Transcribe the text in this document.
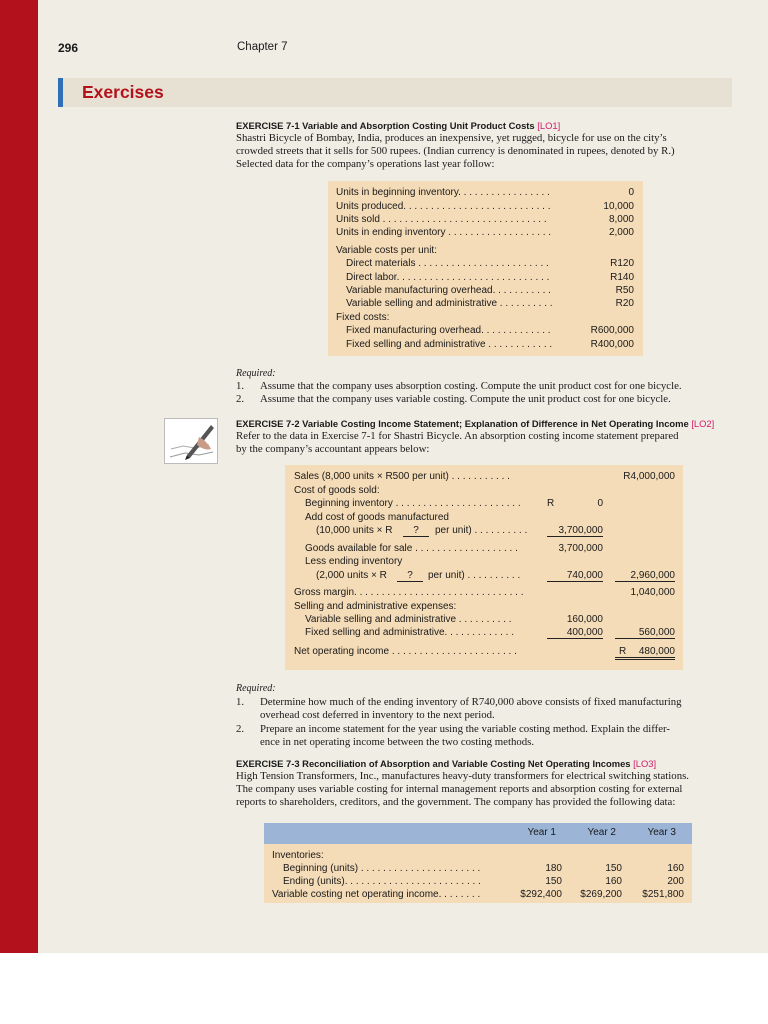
296	Chapter 7
Exercises
EXERCISE 7-1 Variable and Absorption Costing Unit Product Costs [LO1]

Shastri Bicycle of Bombay, India, produces an inexpensive, yet rugged, bicycle for use on the city’s

crowded streets that it sells for 500 rupees. (Indian currency is denominated in rupees, denoted by R.)

Selected data for the company’s operations last year follow:

Units in beginning inventory. . . . . . . . . . . . . . . . .	0
Units produced. . . . . . . . . . . . . . . . . . . . . . . . . . .	10,000
Units sold . . . . . . . . . . . . . . . . . . . . . . . . . . . . . .	8,000
Units in ending inventory . . . . . . . . . . . . . . . . . . .	2,000
Variable costs per unit:
Direct materials . . . . . . . . . . . . . . . . . . . . . . . .	R120
Direct labor. . . . . . . . . . . . . . . . . . . . . . . . . . . .	R140
Variable manufacturing overhead. . . . . . . . . . .	R50
Variable selling and administrative . . . . . . . . . .	R20
Fixed costs:
Fixed manufacturing overhead. . . . . . . . . . . . .	R600,000
Fixed selling and administrative . . . . . . . . . . . .	R400,000
Required:
1. Assume that the company uses absorption costing. Compute the unit product cost for one bicycle.
2. Assume that the company uses variable costing. Compute the unit product cost for one bicycle.
EXERCISE 7-2 Variable Costing Income Statement; Explanation of Difference in Net Operating Income [LO2]

Refer to the data in Exercise 7-1 for Shastri Bicycle. An absorption costing income statement prepared

by the company’s accountant appears below:

Sales (8,000 units × R500 per unit) . . . . . . . . . . .	R4,000,000
Cost of goods sold:
Beginning inventory . . . . . . . . . . . . . . . . . . . . . . .	R	0
Add cost of goods manufactured
(10,000 units × R	?	per unit) . . . . . . . . . .	3,700,000
Goods available for sale . . . . . . . . . . . . . . . . . . .	3,700,000
Less ending inventory
(2,000 units × R	?	per unit) . . . . . . . . . .	740,000	2,960,000
Gross margin. . . . . . . . . . . . . . . . . . . . . . . . . . . . . . .	1,040,000
Selling and administrative expenses:
Variable selling and administrative . . . . . . . . . .	160,000
Fixed selling and administrative. . . . . . . . . . . . .	400,000	560,000
Net operating income . . . . . . . . . . . . . . . . . . . . . . .	R	480,000
Required:
1. Determine how much of the ending inventory of R740,000 above consists of fixed manufacturing
overhead cost deferred in inventory to the next period.
2. Prepare an income statement for the year using the variable costing method. Explain the differ-
ence in net operating income between the two costing methods.
EXERCISE 7-3 Reconciliation of Absorption and Variable Costing Net Operating Incomes [LO3]

High Tension Transformers, Inc., manufactures heavy-duty transformers for electrical switching stations.

The company uses variable costing for internal management reports and absorption costing for external

reports to shareholders, creditors, and the government. The company has provided the following data:

Year 1	Year 2	Year 3
Inventories:
Beginning (units) . . . . . . . . . . . . . . . . . . . . . .	180	150	160
Ending (units). . . . . . . . . . . . . . . . . . . . . . . . .	150	160	200
Variable costing net operating income. . . . . . . .	$292,400	$269,200	$251,800
